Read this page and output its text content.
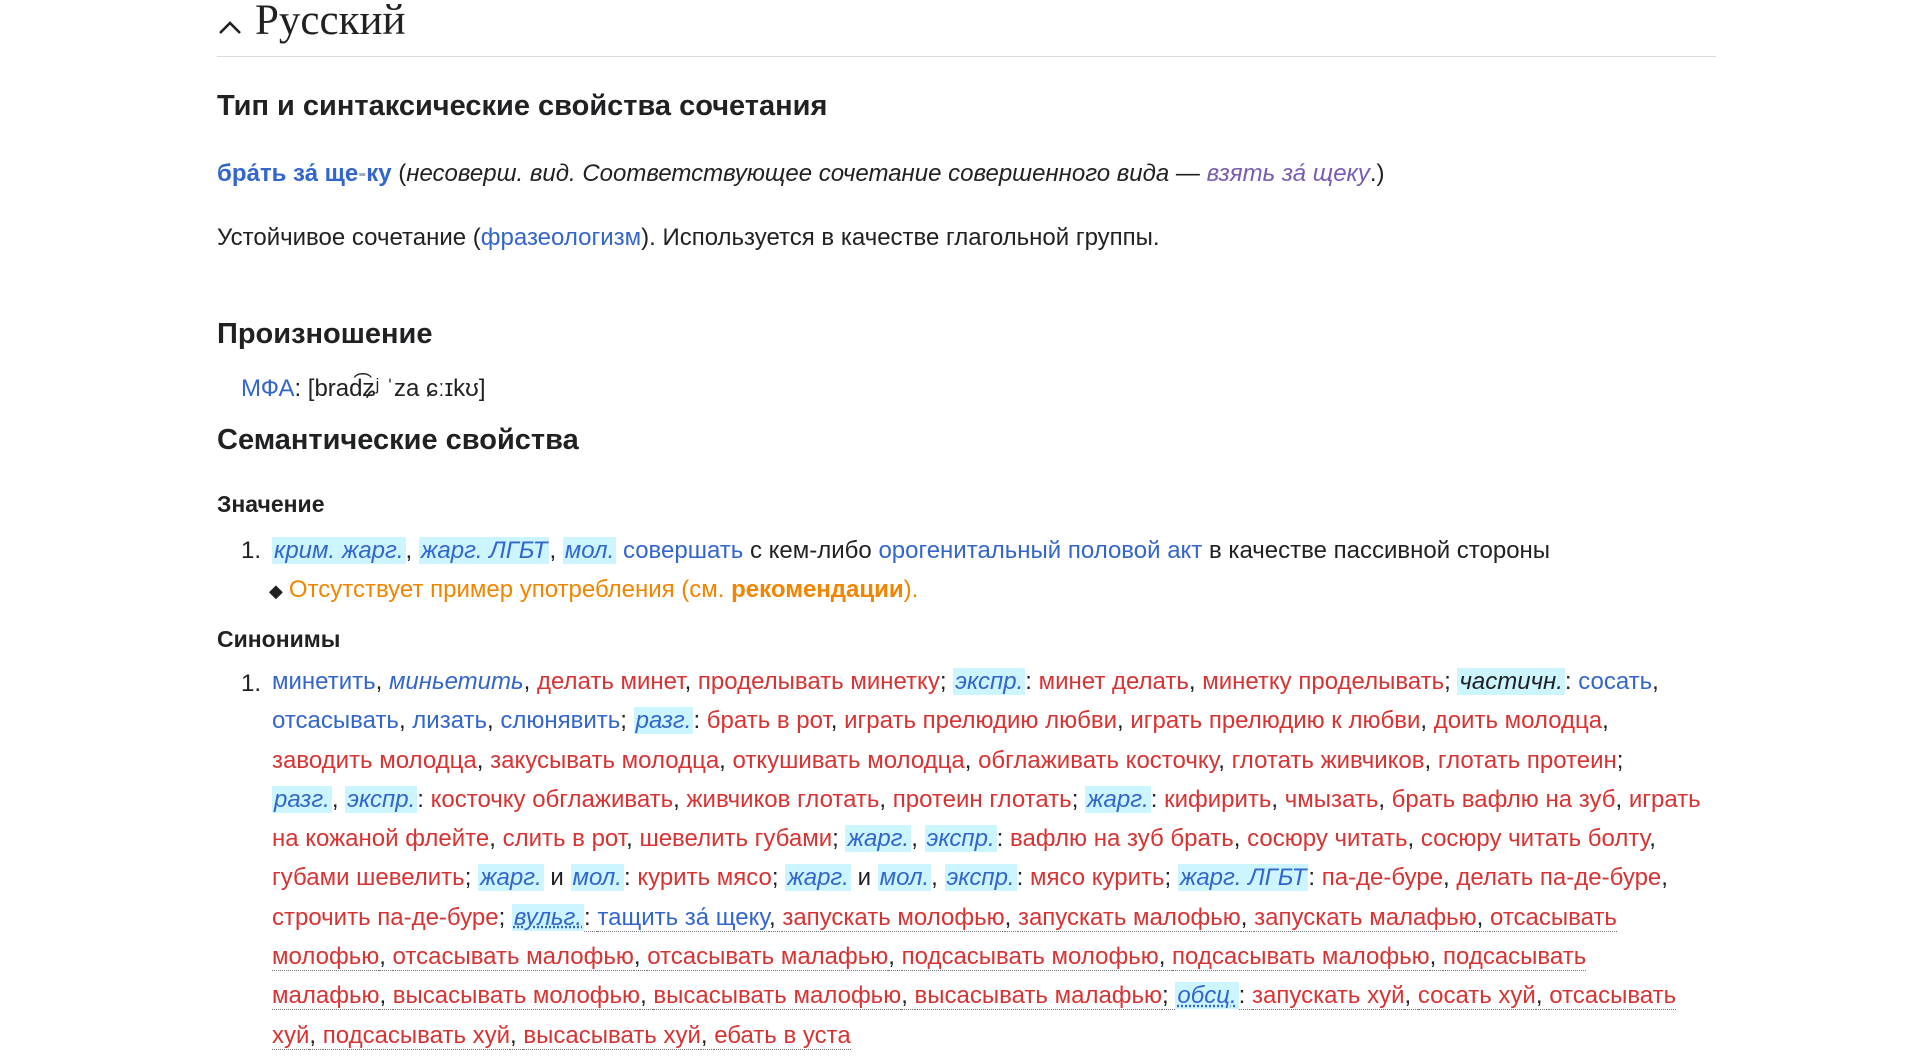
Русский
Тип и синтаксические свойства сочетания
бра́ть за́ ще-ку (несоверш. вид. Соответствующее сочетание совершенного вида — взять за́ щеку.)
Устойчивое сочетание (фразеологизм). Используется в качестве глагольной группы.
Произношение
МФА: [brad͡ʑʲ ˈza ɕːɪkʊ]
Семантические свойства
Значение
1. крим. жарг., жарг. ЛГБТ, мол. совершать с кем-либо орогенитальный половой акт в качестве пассивной стороны
◆ Отсутствует пример употребления (см. рекомендации).
Синонимы
1. минетить, миньетить, делать минет, проделывать минетку; экспр.: минет делать, минетку проделывать; частичн.: сосать,
отсасывать, лизать, слюнявить; разг.: брать в рот, играть прелюдию любви, играть прелюдию к любви, доить молодца,
заводить молодца, закусывать молодца, откушивать молодца, обглаживать косточку, глотать живчиков, глотать протеин;
разг., экспр.: косточку обглаживать, живчиков глотать, протеин глотать; жарг.: кифирить, чмызать, брать вафлю на зуб, играть
на кожаной флейте, слить в рот, шевелить губами; жарг., экспр.: вафлю на зуб брать, сосюру читать, сосюру читать болту,
губами шевелить; жарг. и мол.: курить мясо; жарг. и мол., экспр.: мясо курить; жарг. ЛГБТ: па-де-буре, делать па-де-буре,
строчить па-де-буре; вульг.: тащить за́ щеку, запускать молофью, запускать малофью, запускать малафью, отсасывать
молофью, отсасывать малофью, отсасывать малафью, подсасывать молофью, подсасывать малофью, подсасывать
малафью, высасывать молофью, высасывать малофью, высасывать малафью; обсц.: запускать хуй, сосать хуй, отсасывать
хуй, подсасывать хуй, высасывать хуй, ебать в уста
